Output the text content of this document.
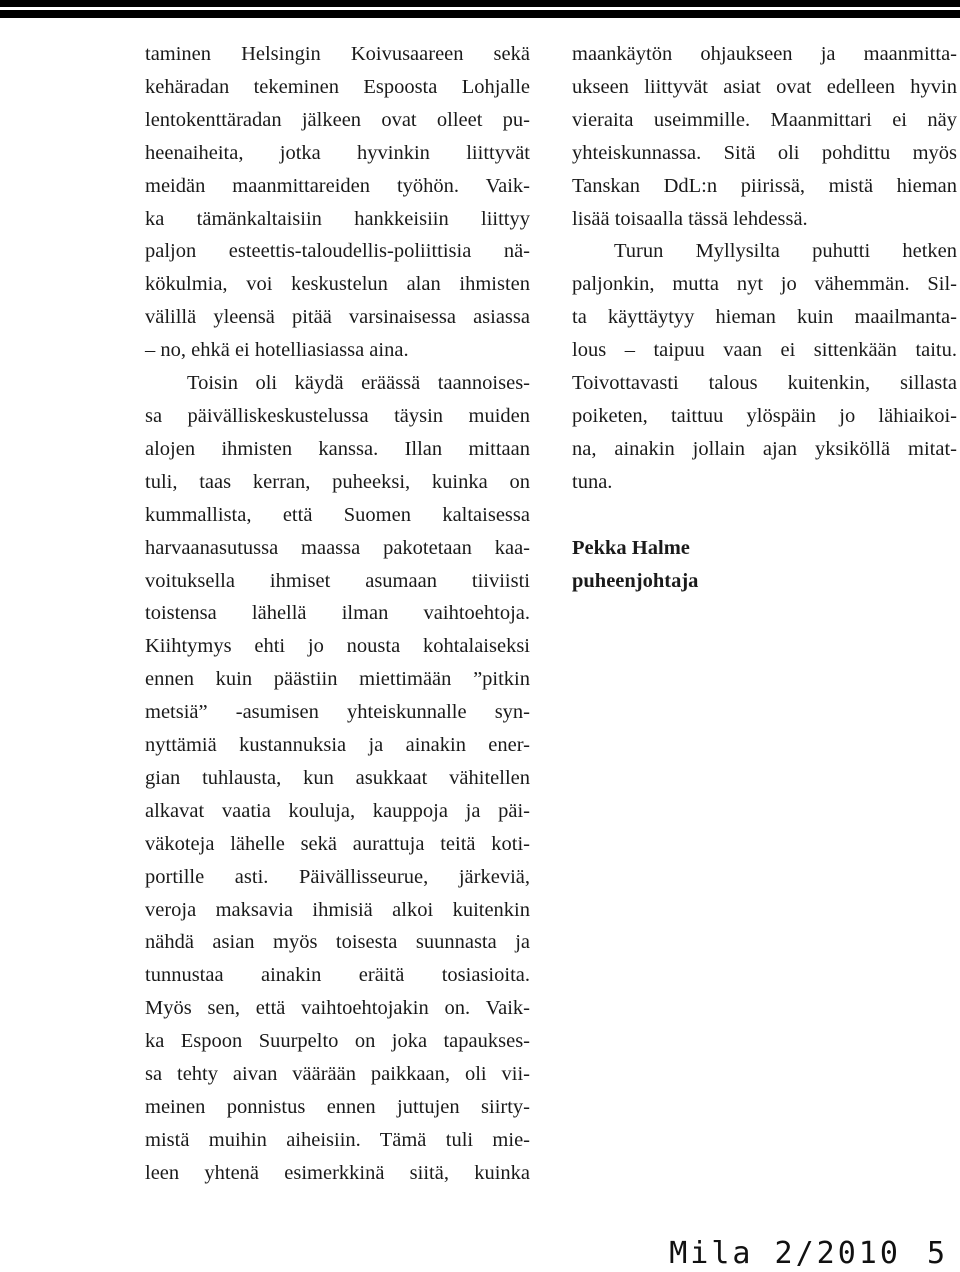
taminen Helsingin Koivusaareen sekä
kehäradan tekeminen Espoosta Lohjalle
lentokenttäradan jälkeen ovat olleet pu-
heenaiheita, jotka hyvinkin liittyvät
meidän maanmittareiden työhön. Vaik-
ka tämänkaltaisiin hankkeisiin liittyy
paljon esteettis-taloudellis-poliittisia nä-
kökulmia, voi keskustelun alan ihmisten
välillä yleensä pitää varsinaisessa asiassa
– no, ehkä ei hotelliasiassa aina.

Toisin oli käydä eräässä taannoises-
sa päivälliskeskustelussa täysin muiden
alojen ihmisten kanssa. Illan mittaan
tuli, taas kerran, puheeksi, kuinka on
kummallista, että Suomen kaltaisessa
harvaanasutussa maassa pakotetaan kaa-
voituksella ihmiset asumaan tiiviisti
toistensa lähellä ilman vaihtoehtoja.
Kiihtymys ehti jo nousta kohtalaiseksi
ennen kuin päästiin miettimään ”pitkin
metsiä” -asumisen yhteiskunnalle syn-
nyttämiä kustannuksia ja ainakin ener-
gian tuhlausta, kun asukkaat vähitellen
alkavat vaatia kouluja, kauppoja ja päi-
väkoteja lähelle sekä aurattuja teitä koti-
portille asti. Päivällisseurue, järkeviä,
veroja maksavia ihmisiä alkoi kuitenkin
nähdä asian myös toisesta suunnasta ja
tunnustaa ainakin eräitä tosiasioita.
Myös sen, että vaihtoehtojakin on. Vaik-
ka Espoon Suurpelto on joka tapaukses-
sa tehty aivan väärään paikkaan, oli vii-
meinen ponnistus ennen juttujen siirty-
mistä muihin aiheisiin. Tämä tuli mie-
leen yhtenä esimerkkinä siitä, kuinka

maankäytön ohjaukseen ja maanmitta-
ukseen liittyvät asiat ovat edelleen hyvin
vieraita useimmille. Maanmittari ei näy
yhteiskunnassa. Sitä oli pohdittu myös
Tanskan DdL:n piirissä, mistä hieman
lisää toisaalla tässä lehdessä.

Turun Myllysilta puhutti hetken
paljonkin, mutta nyt jo vähemmän. Sil-
ta käyttäytyy hieman kuin maailmanta-
lous – taipuu vaan ei sittenkään taitu.
Toivottavasti talous kuitenkin, sillasta
poiketen, taittuu ylöspäin jo lähiaikoi-
na, ainakin jollain ajan yksiköllä mitat-
tuna.

Pekka Halme
puheenjohtaja
Mila 2/2010 5
